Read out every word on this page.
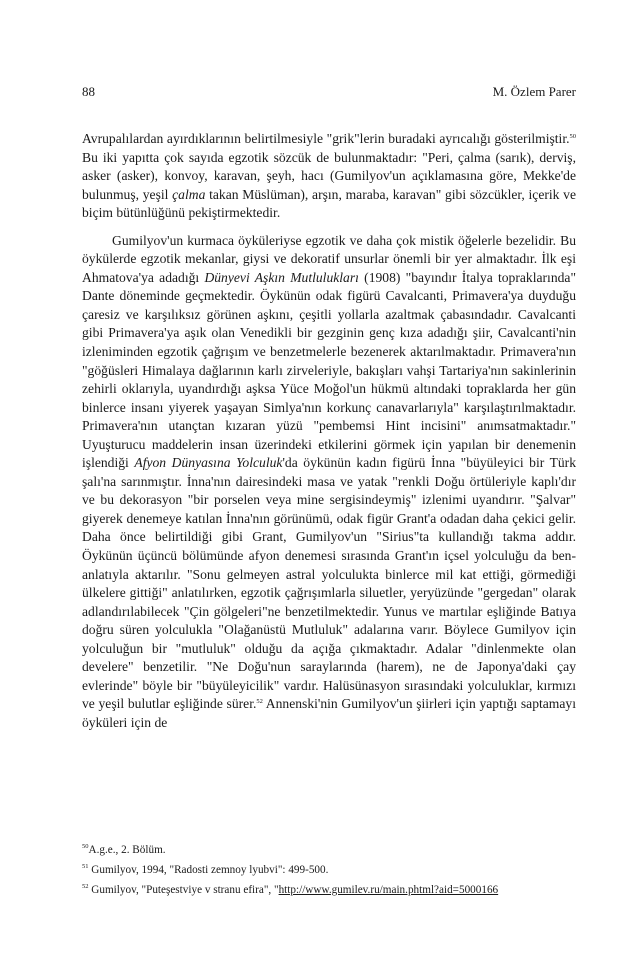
88	M. Özlem Parer

Avrupalılardan ayırdıklarının belirtilmesiyle "grik"lerin buradaki ayrıcalığı gösterilmiştir.$^{50}$ Bu iki yapıtta çok sayıda egzotik sözcük de bulunmaktadır: "Peri, çalma (sarık), derviş, asker (asker), konvoy, karavan, şeyh, hacı (Gumilyov'un açıklamasına göre, Mekke'de bulunmuş, yeşil çalma takan Müslüman), arşın, maraba, karavan" gibi sözcükler, içerik ve biçim bütünlüğünü pekiştirmektedir.

Gumilyov'un kurmaca öyküleriyse egzotik ve daha çok mistik öğelerle bezelidir. Bu öykülerde egzotik mekanlar, giysi ve dekoratif unsurlar önemli bir yer almaktadır. İlk eşi Ahmatova'ya adadığı Dünyevi Aşkın Mutlulukları (1908) "bayındır İtalya topraklarında" Dante döneminde geçmektedir. Öykünün odak figürü Cavalcanti, Primavera'ya duyduğu çaresiz ve karşılıksız görünen aşkını, çeşitli yollarla azaltmak çabasındadır. Cavalcanti gibi Primavera'ya aşık olan Venedikli bir gezginin genç kıza adadığı şiir, Cavalcanti'nin izleniminden egzotik çağrışım ve benzetmelerle bezenerek aktarılmaktadır. Primavera'nın "göğüsleri Himalaya dağlarının karlı zirveleriyle, bakışları vahşi Tartariya'nın sakinlerinin zehirli oklarıyla, uyandırdığı aşksa Yüce Moğol'un hükmü altındaki topraklarda her gün binlerce insanı yiyerek yaşayan Simlya'nın korkunç canavarlarıyla" karşılaştırılmaktadır. Primavera'nın utançtan kızaran yüzü "pembemsi Hint incisini" anımsatmaktadır." Uyuşturucu maddelerin insan üzerindeki etkilerini görmek için yapılan bir denemenin işlendiği Afyon Dünyasına Yolculuk'da öykünün kadın figürü İnna "büyüleyici bir Türk şalı'na sarınmıştır. İnna'nın dairesindeki masa ve yatak "renkli Doğu örtüleriyle kaplı'dır ve bu dekorasyon "bir porselen veya mine sergisindeymiş" izlenimi uyandırır. "Şalvar" giyerek denemeye katılan İnna'nın görünümü, odak figür Grant'a odadan daha çekici gelir. Daha önce belirtildiği gibi Grant, Gumilyov'un "Sirius"ta kullandığı takma addır. Öykünün üçüncü bölümünde afyon denemesi sırasında Grant'ın içsel yolculuğu da ben-anlatıyla aktarılır. "Sonu gelmeyen astral yolculukta binlerce mil kat ettiği, görmediği ülkelere gittiği" anlatılırken, egzotik çağrışımlarla siluetler, yeryüzünde "gergedan" olarak adlandırılabilecek "Çin gölgeleri"ne benzetilmektedir. Yunus ve martılar eşliğinde Batıya doğru süren yolculukla "Olağanüstü Mutluluk" adalarına varır. Böylece Gumilyov için yolculuğun bir "mutluluk" olduğu da açığa çıkmaktadır. Adalar "dinlenmekte olan develere" benzetilir. "Ne Doğu'nun saraylarında (harem), ne de Japonya'daki çay evlerinde" böyle bir "büyüleyicilik" vardır. Halüsünasyon sırasındaki yolculuklar, kırmızı ve yeşil bulutlar eşliğinde sürer.$^{52}$ Annenski'nin Gumilyov'un şiirleri için yaptığı saptamayı öyküleri için de

$^{50}$A.g.e., 2. Bölüm.
$^{51}$ Gumilyov, 1994, "Radosti zemnoy lyubvi": 499-500.
$^{52}$ Gumilyov, "Puteşestviye v stranu efira", "http://www.gumilev.ru/main.phtml?aid=5000166
